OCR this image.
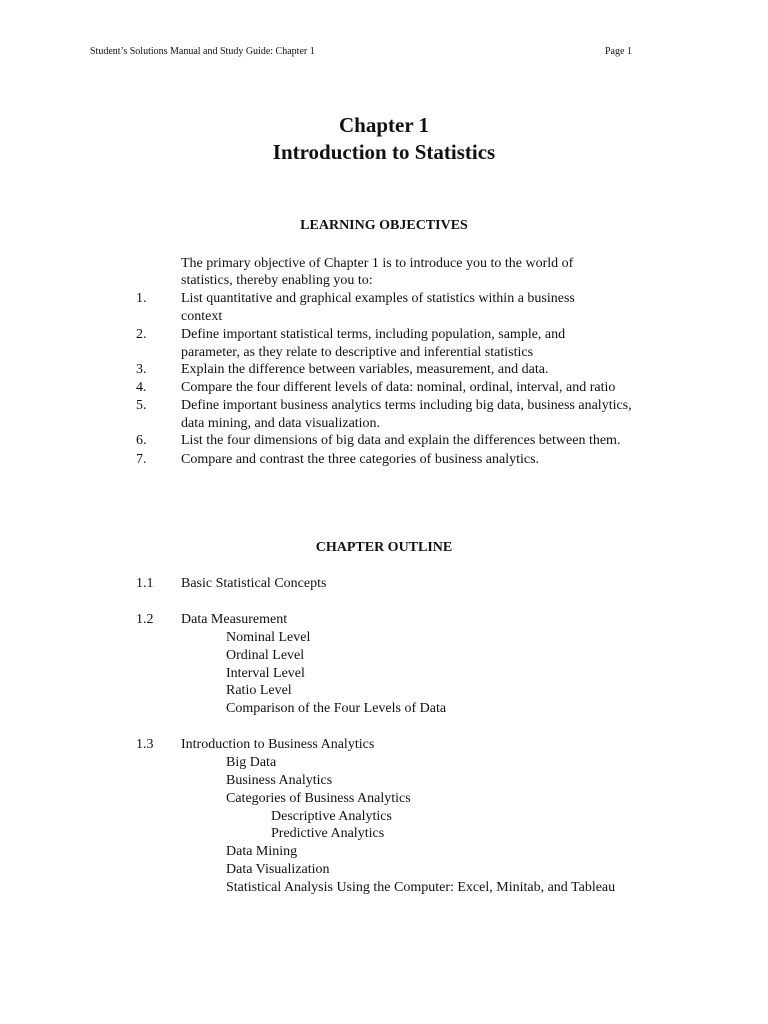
Student’s Solutions Manual and Study Guide: Chapter 1	Page 1
Chapter 1
Introduction to Statistics
LEARNING OBJECTIVES
The primary objective of Chapter 1 is to introduce you to the world of
statistics, thereby enabling you to:
1. List quantitative and graphical examples of statistics within a business
context
2. Define important statistical terms, including population, sample, and
parameter, as they relate to descriptive and inferential statistics
3. Explain the difference between variables, measurement, and data.
4. Compare the four different levels of data: nominal, ordinal, interval, and ratio
5. Define important business analytics terms including big data, business analytics,
data mining, and data visualization.
6. List the four dimensions of big data and explain the differences between them.
7. Compare and contrast the three categories of business analytics.
CHAPTER OUTLINE
1.1 Basic Statistical Concepts
1.2 Data Measurement
Nominal Level
Ordinal Level
Interval Level
Ratio Level
Comparison of the Four Levels of Data
1.3 Introduction to Business Analytics
Big Data
Business Analytics
Categories of Business Analytics
Descriptive Analytics
Predictive Analytics
Data Mining
Data Visualization
Statistical Analysis Using the Computer: Excel, Minitab, and Tableau
